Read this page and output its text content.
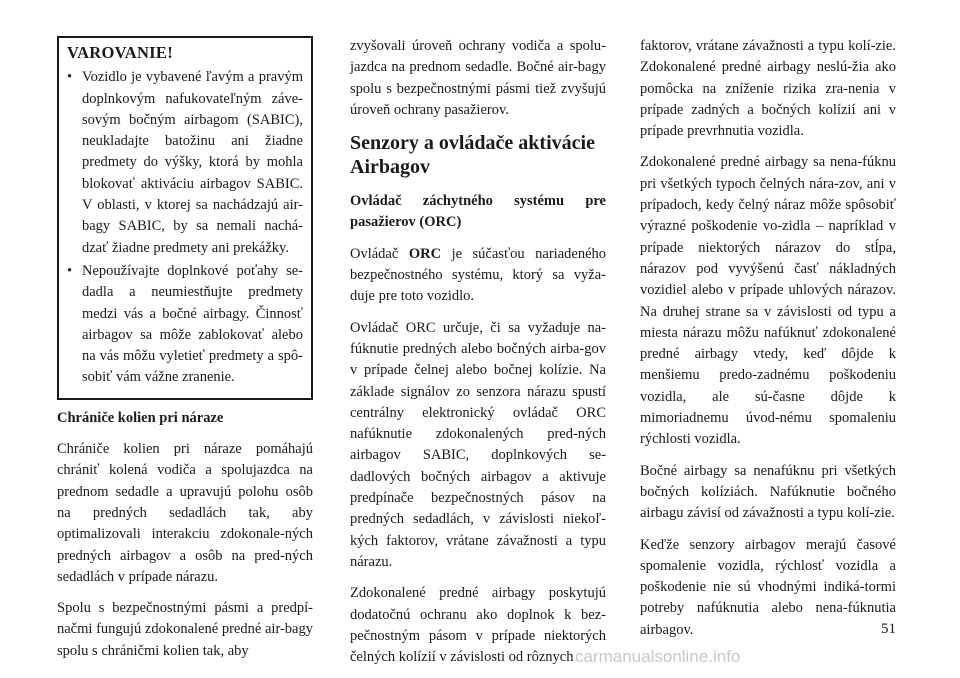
VAROVANIE!
• Vozidlo je vybavené ľavým a pravým doplnkovým nafukovateľným záve-sovým bočným airbagom (SABIC), neukladajte batožinu ani žiadne predmety do výšky, ktorá by mohla blokovať aktiváciu airbagov SABIC. V oblasti, v ktorej sa nachádzajú air-bagy SABIC, by sa nemali nachá-dzať žiadne predmety ani prekážky.
• Nepoužívajte doplnkové poťahy se-dadla a neumiestňujte predmety medzi vás a bočné airbagy. Činnosť airbagov sa môže zablokovať alebo na vás môžu vyletieť predmety a spô-sobiť vám vážne zranenie.

Chrániče kolien pri náraze

Chrániče kolien pri náraze pomáhajú chrániť kolená vodiča a spolujazdca na prednom sedadle a upravujú polohu osôb na predných sedadlách tak, aby optimalizovali interakciu zdokonale-ných predných airbagov a osôb na pred-ných sedadlách v prípade nárazu.

Spolu s bezpečnostnými pásmi a predpí-načmi fungujú zdokonalené predné air-bagy spolu s chráničmi kolien tak, aby

zvyšovali úroveň ochrany vodiča a spolu-jazdca na prednom sedadle. Bočné air-bagy spolu s bezpečnostnými pásmi tiež zvyšujú úroveň ochrany pasažierov.

Senzory a ovládače aktivácie Airbagov

Ovládač záchytného systému pre pasažierov (ORC)

Ovládač ORC je súčasťou nariadeného bezpečnostného systému, ktorý sa vyža-duje pre toto vozidlo.

Ovládač ORC určuje, či sa vyžaduje na-fúknutie predných alebo bočných airba-gov v prípade čelnej alebo bočnej kolízie. Na základe signálov zo senzora nárazu spustí centrálny elektronický ovládač ORC nafúknutie zdokonalených pred-ných airbagov SABIC, doplnkových se-dadlových bočných airbagov a aktivuje predpínače bezpečnostných pásov na predných sedadlách, v závislosti niekoľ-kých faktorov, vrátane závažnosti a typu nárazu.

Zdokonalené predné airbagy poskytujú dodatočnú ochranu ako doplnok k bez-pečnostným pásom v prípade niektorých čelných kolízií v závislosti od rôznych

faktorov, vrátane závažnosti a typu kolí-zie. Zdokonalené predné airbagy neslú-žia ako pomôcka na zníženie rizika zra-nenia v prípade zadných a bočných kolízií ani v prípade prevrhnutia vozidla.

Zdokonalené predné airbagy sa nena-fúknu pri všetkých typoch čelných nára-zov, ani v prípadoch, kedy čelný náraz môže spôsobiť výrazné poškodenie vo-zidla – napríklad v prípade niektorých nárazov do stĺpa, nárazov pod vyvýšenú časť nákladných vozidiel alebo v prípade uhlových nárazov. Na druhej strane sa v závislosti od typu a miesta nárazu môžu nafúknuť zdokonalené predné airbagy vtedy, keď dôjde k menšiemu predo-zadnému poškodeniu vozidla, ale sú-časne dôjde k mimoriadnemu úvod-nému spomaleniu rýchlosti vozidla.

Bočné airbagy sa nenafúknu pri všetkých bočných kolíziách. Nafúknutie bočného airbagu závisí od závažnosti a typu kolí-zie.

Keďže senzory airbagov merajú časové spomalenie vozidla, rýchlosť vozidla a poškodenie nie sú vhodnými indiká-tormi potreby nafúknutia alebo nena-fúknutia airbagov.	51
carmanualsonline.info
